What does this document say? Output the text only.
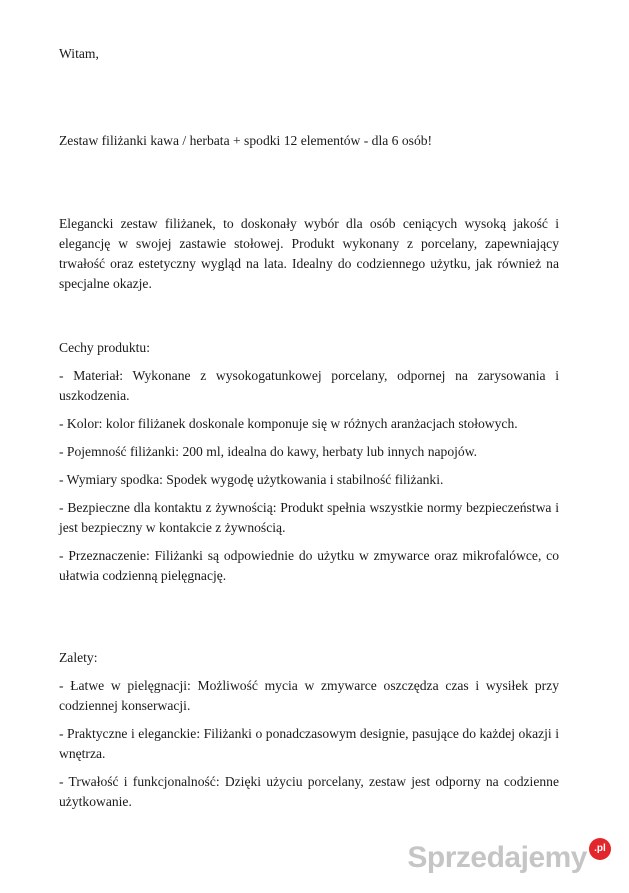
Witam,

Zestaw filiżanki kawa / herbata + spodki 12 elementów - dla 6 osób!

Elegancki zestaw filiżanek, to doskonały wybór dla osób ceniących wysoką jakość i elegancję w swojej zastawie stołowej. Produkt wykonany z porcelany, zapewniający trwałość oraz estetyczny wygląd na lata. Idealny do codziennego użytku, jak również na specjalne okazje.

Cechy produktu:

- Materiał: Wykonane z wysokogatunkowej porcelany, odpornej na zarysowania i uszkodzenia.
- Kolor: kolor filiżanek doskonale komponuje się w różnych aranżacjach stołowych.
- Pojemność filiżanki: 200 ml, idealna do kawy, herbaty lub innych napojów.
- Wymiary spodka: Spodek wygodę użytkowania i stabilność filiżanki.
- Bezpieczne dla kontaktu z żywnością: Produkt spełnia wszystkie normy bezpieczeństwa i jest bezpieczny w kontakcie z żywnością.
- Przeznaczenie: Filiżanki są odpowiednie do użytku w zmywarce oraz mikrofalówce, co ułatwia codzienną pielęgnację.

Zalety:

- Łatwe w pielęgnacji: Możliwość mycia w zmywarce oszczędza czas i wysiłek przy codziennej konserwacji.
- Praktyczne i eleganckie: Filiżanki o ponadczasowym designie, pasujące do każdej okazji i wnętrza.
- Trwałość i funkcjonalność: Dzięki użyciu porcelany, zestaw jest odporny na codzienne użytkowanie.
Sprzedajemy .pl
